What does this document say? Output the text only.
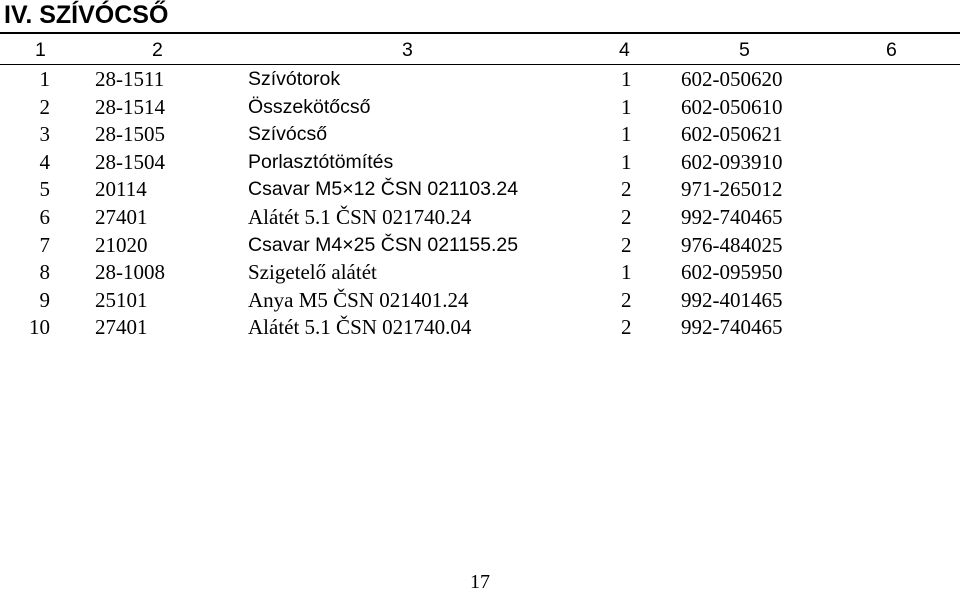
IV. SZÍVÓCSŐ
1	2	3	4	5	6
1 28-1511	Szívótorok	1 602-050620
2 28-1514	Összekötőcső	1 602-050610
3 28-1505	Szívócső	1 602-050621
4 28-1504	Porlasztótömítés	1 602-093910
5 20114	Csavar M5×12 ČSN 021103.24	2 971-265012
6 27401	Alátét 5.1 ČSN 021740.24	2 992-740465
7 21020	Csavar M4×25 ČSN 021155.25	2 976-484025
8 28-1008	Szigetelő alátét	1 602-095950
9 25101	Anya M5 ČSN 021401.24	2 992-401465
10 27401	Alátét 5.1 ČSN 021740.04	2 992-740465
17
